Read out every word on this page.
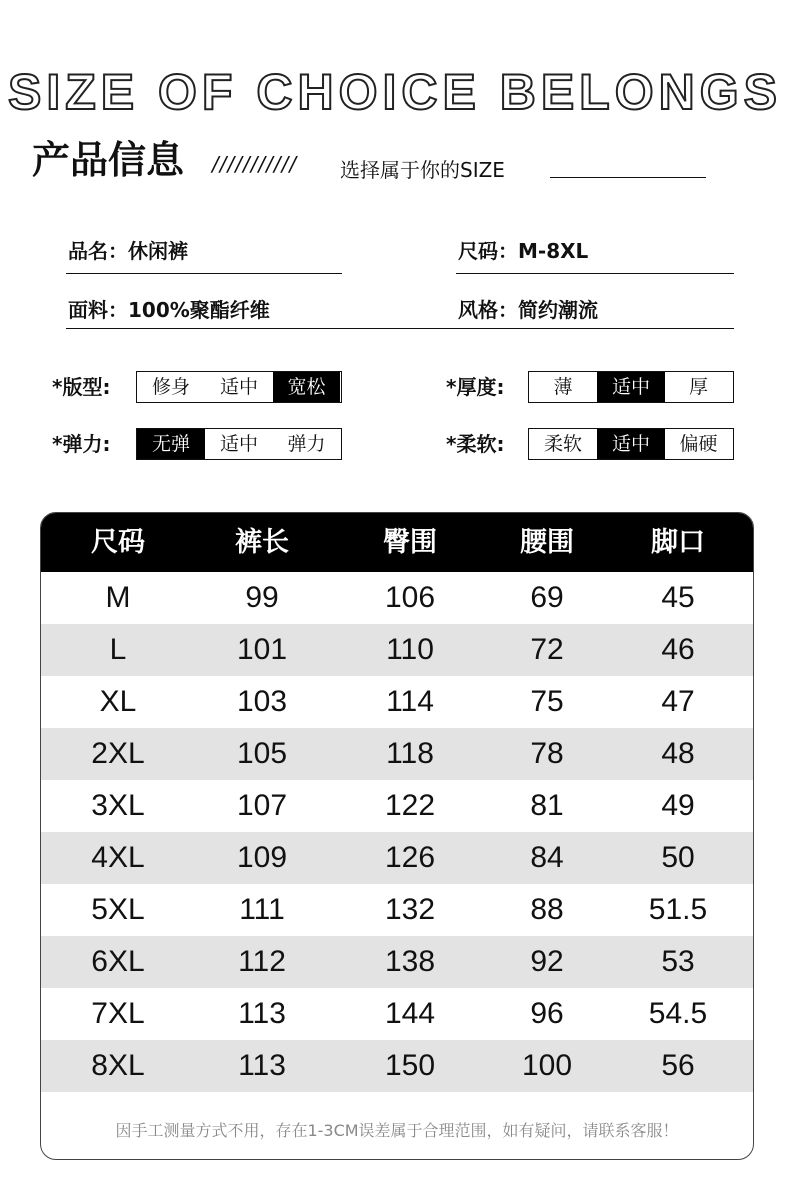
SIZE OF CHOICE BELONGS
产品信息 /////////// 选择属于你的SIZE
品名：休闲裤	尺码：M-8XL
面料：100%聚酯纤维	风格：简约潮流
*版型:	修身	适中	宽松	*厚度:	薄	适中	厚
*弹力:	无弹	适中	弹力	*柔软:	柔软	适中	偏硬
尺码	裤长	臀围	腰围	脚口
M	99	106	69	45
L	101	110	72	46
XL	103	114	75	47
2XL	105	118	78	48
3XL	107	122	81	49
4XL	109	126	84	50
5XL	111	132	88	51.5
6XL	112	138	92	53
7XL	113	144	96	54.5
8XL	113	150	100	56
因手工测量方式不用，存在1-3CM误差属于合理范围，如有疑问，请联系客服！
